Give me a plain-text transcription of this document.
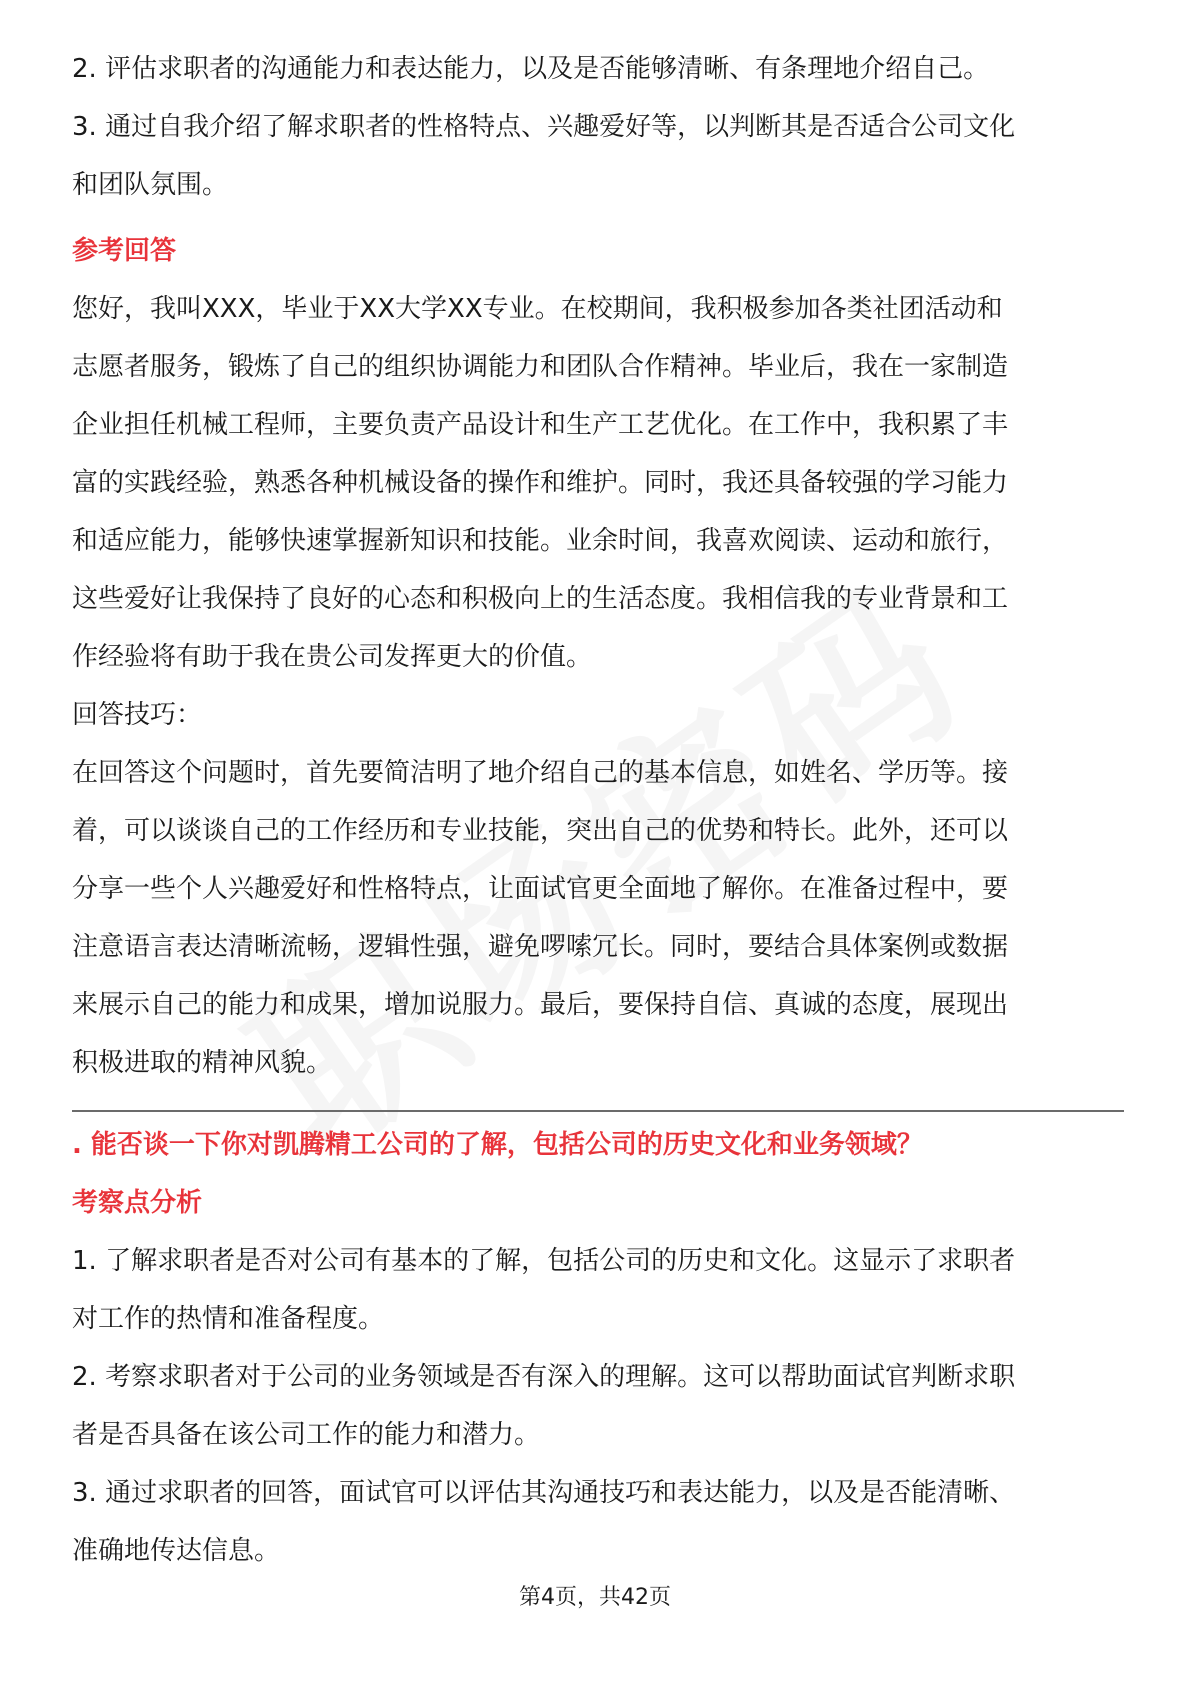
2. 评估求职者的沟通能力和表达能力，以及是否能够清晰、有条理地介绍自己。

3. 通过自我介绍了解求职者的性格特点、兴趣爱好等，以判断其是否适合公司文化

和团队氛围。

参考回答

您好，我叫XXX，毕业于XX大学XX专业。在校期间，我积极参加各类社团活动和

志愿者服务，锻炼了自己的组织协调能力和团队合作精神。毕业后，我在一家制造

企业担任机械工程师，主要负责产品设计和生产工艺优化。在工作中，我积累了丰

富的实践经验，熟悉各种机械设备的操作和维护。同时，我还具备较强的学习能力

和适应能力，能够快速掌握新知识和技能。业余时间，我喜欢阅读、运动和旅行，

这些爱好让我保持了良好的心态和积极向上的生活态度。我相信我的专业背景和工

作经验将有助于我在贵公司发挥更大的价值。

回答技巧：

在回答这个问题时，首先要简洁明了地介绍自己的基本信息，如姓名、学历等。接

着，可以谈谈自己的工作经历和专业技能，突出自己的优势和特长。此外，还可以

分享一些个人兴趣爱好和性格特点，让面试官更全面地了解你。在准备过程中，要

注意语言表达清晰流畅，逻辑性强，避免啰嗦冗长。同时，要结合具体案例或数据

来展示自己的能力和成果，增加说服力。最后，要保持自信、真诚的态度，展现出

积极进取的精神风貌。

. 能否谈一下你对凯腾精工公司的了解，包括公司的历史文化和业务领域？

考察点分析

1. 了解求职者是否对公司有基本的了解，包括公司的历史和文化。这显示了求职者

对工作的热情和准备程度。

2. 考察求职者对于公司的业务领域是否有深入的理解。这可以帮助面试官判断求职

者是否具备在该公司工作的能力和潜力。

3. 通过求职者的回答，面试官可以评估其沟通技巧和表达能力，以及是否能清晰、

准确地传达信息。

第4页，共42页
